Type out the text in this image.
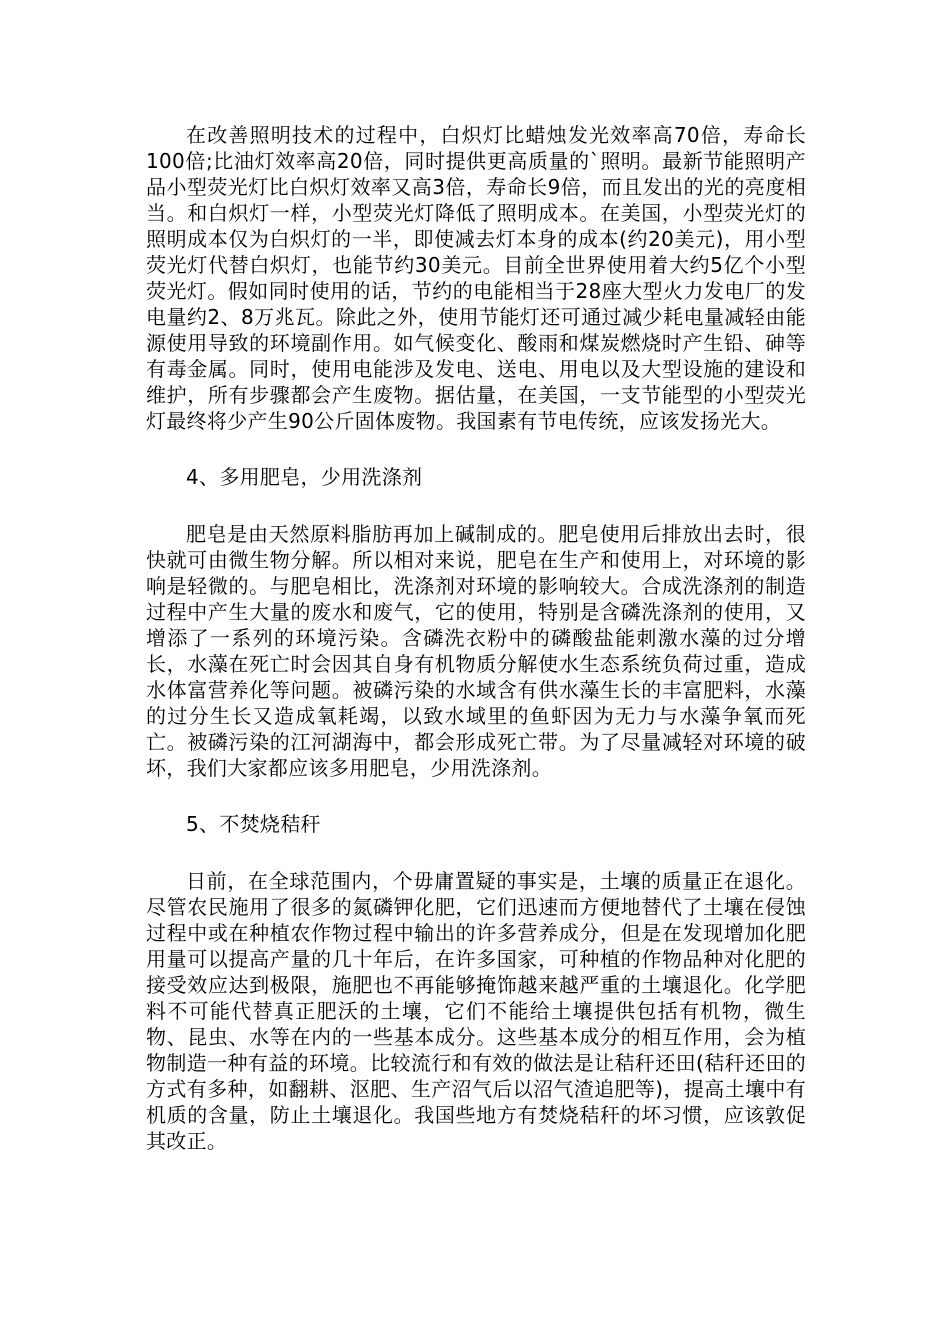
在改善照明技术的过程中，白炽灯比蜡烛发光效率高70倍，寿命长100倍;比油灯效率高20倍，同时提供更高质量的`照明。最新节能照明产品小型荧光灯比白炽灯效率又高3倍，寿命长9倍，而且发出的光的亮度相当。和白炽灯一样，小型荧光灯降低了照明成本。在美国，小型荧光灯的照明成本仅为白炽灯的一半，即使减去灯本身的成本(约20美元)，用小型荧光灯代替白炽灯，也能节约30美元。目前全世界使用着大约5亿个小型荧光灯。假如同时使用的话，节约的电能相当于28座大型火力发电厂的发电量约2、8万兆瓦。除此之外，使用节能灯还可通过减少耗电量减轻由能源使用导致的环境副作用。如气候变化、酸雨和煤炭燃烧时产生铅、砷等有毒金属。同时，使用电能涉及发电、送电、用电以及大型设施的建设和维护，所有步骤都会产生废物。据估量，在美国，一支节能型的小型荧光灯最终将少产生90公斤固体废物。我国素有节电传统，应该发扬光大。

4、多用肥皂，少用洗涤剂

肥皂是由天然原料脂肪再加上碱制成的。肥皂使用后排放出去时，很快就可由微生物分解。所以相对来说，肥皂在生产和使用上，对环境的影响是轻微的。与肥皂相比，洗涤剂对环境的影响较大。合成洗涤剂的制造过程中产生大量的废水和废气，它的使用，特别是含磷洗涤剂的使用，又增添了一系列的环境污染。含磷洗衣粉中的磷酸盐能刺激水藻的过分增长，水藻在死亡时会因其自身有机物质分解使水生态系统负荷过重，造成水体富营养化等问题。被磷污染的水域含有供水藻生长的丰富肥料，水藻的过分生长又造成氧耗竭，以致水域里的鱼虾因为无力与水藻争氧而死亡。被磷污染的江河湖海中，都会形成死亡带。为了尽量减轻对环境的破坏，我们大家都应该多用肥皂，少用洗涤剂。

5、不焚烧秸秆

日前，在全球范围内，个毋庸置疑的事实是，土壤的质量正在退化。尽管农民施用了很多的氮磷钾化肥，它们迅速而方便地替代了土壤在侵蚀过程中或在种植农作物过程中输出的许多营养成分，但是在发现增加化肥用量可以提高产量的几十年后，在许多国家，可种植的作物品种对化肥的接受效应达到极限，施肥也不再能够掩饰越来越严重的土壤退化。化学肥料不可能代替真正肥沃的土壤，它们不能给土壤提供包括有机物，微生物、昆虫、水等在内的一些基本成分。这些基本成分的相互作用，会为植物制造一种有益的环境。比较流行和有效的做法是让秸秆还田(秸秆还田的方式有多种，如翻耕、沤肥、生产沼气后以沼气渣追肥等)，提高土壤中有机质的含量，防止土壤退化。我国些地方有焚烧秸秆的坏习惯，应该敦促其改正。
